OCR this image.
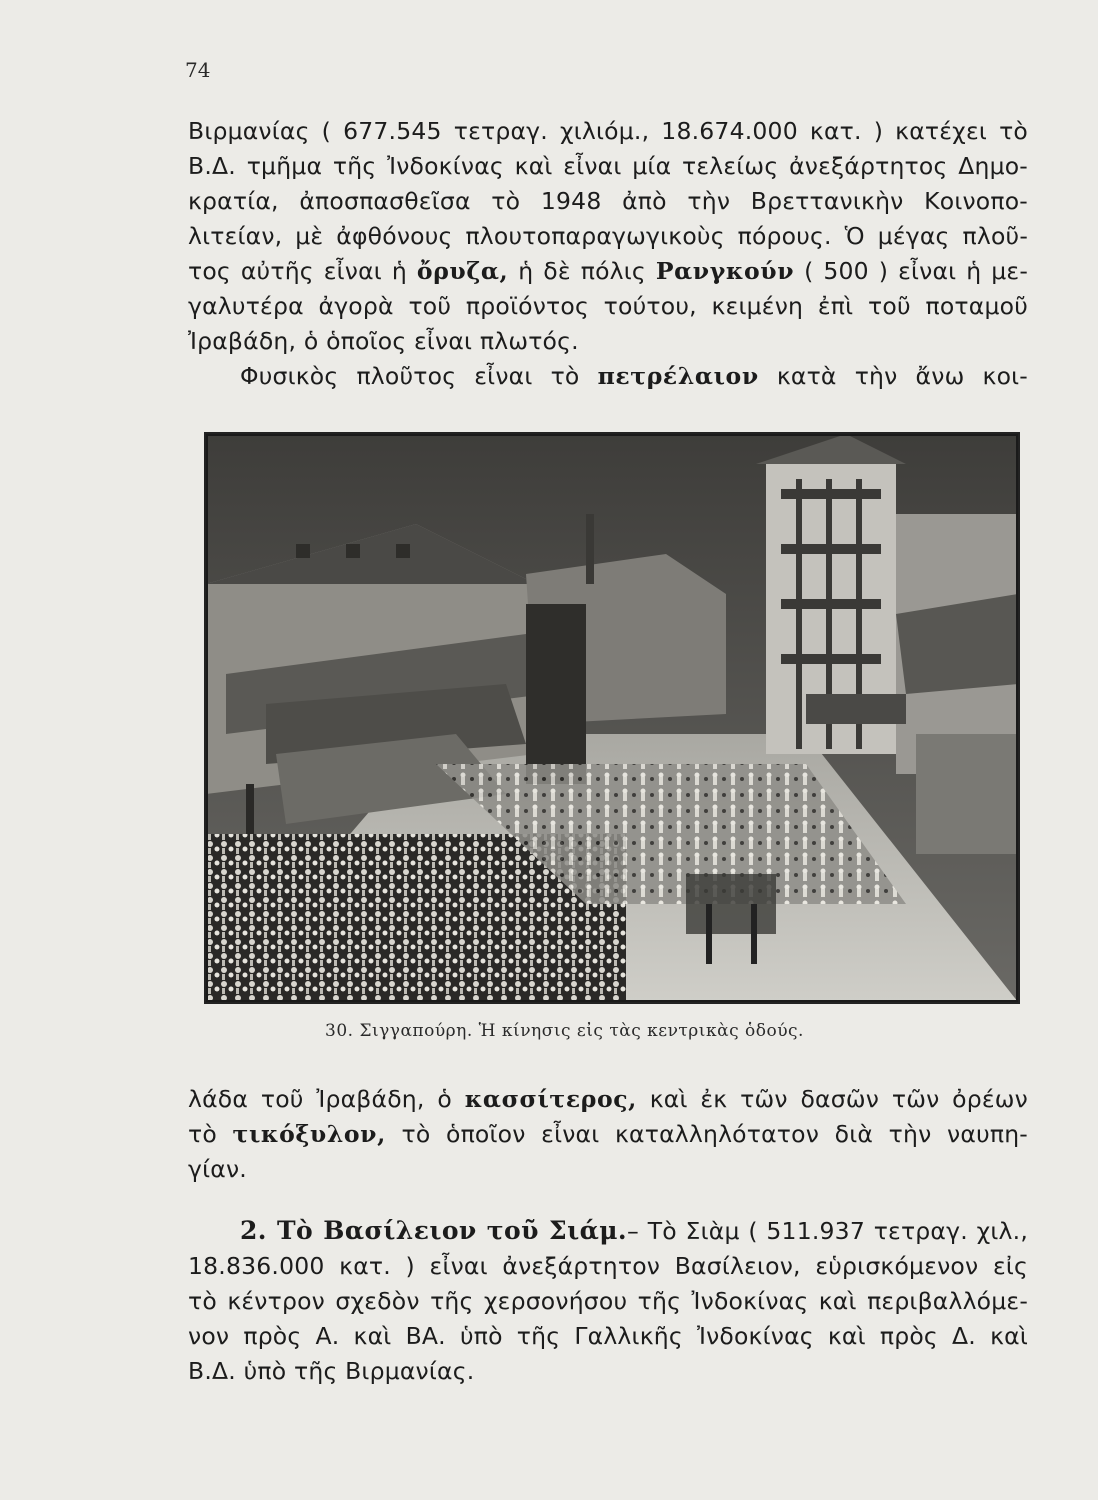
74

Βιρμανίας ( 677.545 τετραγ. χιλιόμ., 18.674.000 κατ. ) κατέχει τὸ
Β.Δ. τμῆμα τῆς Ἰνδοκίνας καὶ εἶναι μία τελείως ἀνεξάρτητος Δημο-
κρατία, ἀποσπασθεῖσα τὸ 1948 ἀπὸ τὴν Βρεττανικὴν Κοινοπο-
λιτείαν, μὲ ἀφθόνους πλουτοπαραγωγικοὺς πόρους. Ὁ μέγας πλοῦ-
τος αὐτῆς εἶναι ἡ ὄρυζα, ἡ δὲ πόλις Ρανγκούν ( 500 ) εἶναι ἡ με-
γαλυτέρα ἀγορὰ τοῦ προϊόντος τούτου, κειμένη ἐπὶ τοῦ ποταμοῦ
Ἰραβάδη, ὁ ὁποῖος εἶναι πλωτός.
Φυσικὸς πλοῦτος εἶναι τὸ πετρέλαιον κατὰ τὴν ἄνω κοι-

30. Σιγγαπούρη. Ἡ κίνησις εἰς τὰς κεντρικὰς ὁδούς.

λάδα τοῦ Ἰραβάδη, ὁ κασσίτερος, καὶ ἐκ τῶν δασῶν τῶν ὀρέων
τὸ τικόξυλον, τὸ ὁποῖον εἶναι καταλληλότατον διὰ τὴν ναυπη-
γίαν.

2. Τὸ Βασίλειον τοῦ Σιάμ.– Τὸ Σιὰμ ( 511.937 τετραγ. χιλ.,
18.836.000 κατ. ) εἶναι ἀνεξάρτητον Βασίλειον, εὑρισκόμενον εἰς
τὸ κέντρον σχεδὸν τῆς χερσονήσου τῆς Ἰνδοκίνας καὶ περιβαλλόμε-
νον πρὸς Α. καὶ ΒΑ. ὑπὸ τῆς Γαλλικῆς Ἰνδοκίνας καὶ πρὸς Δ. καὶ
Β.Δ. ὑπὸ τῆς Βιρμανίας.
